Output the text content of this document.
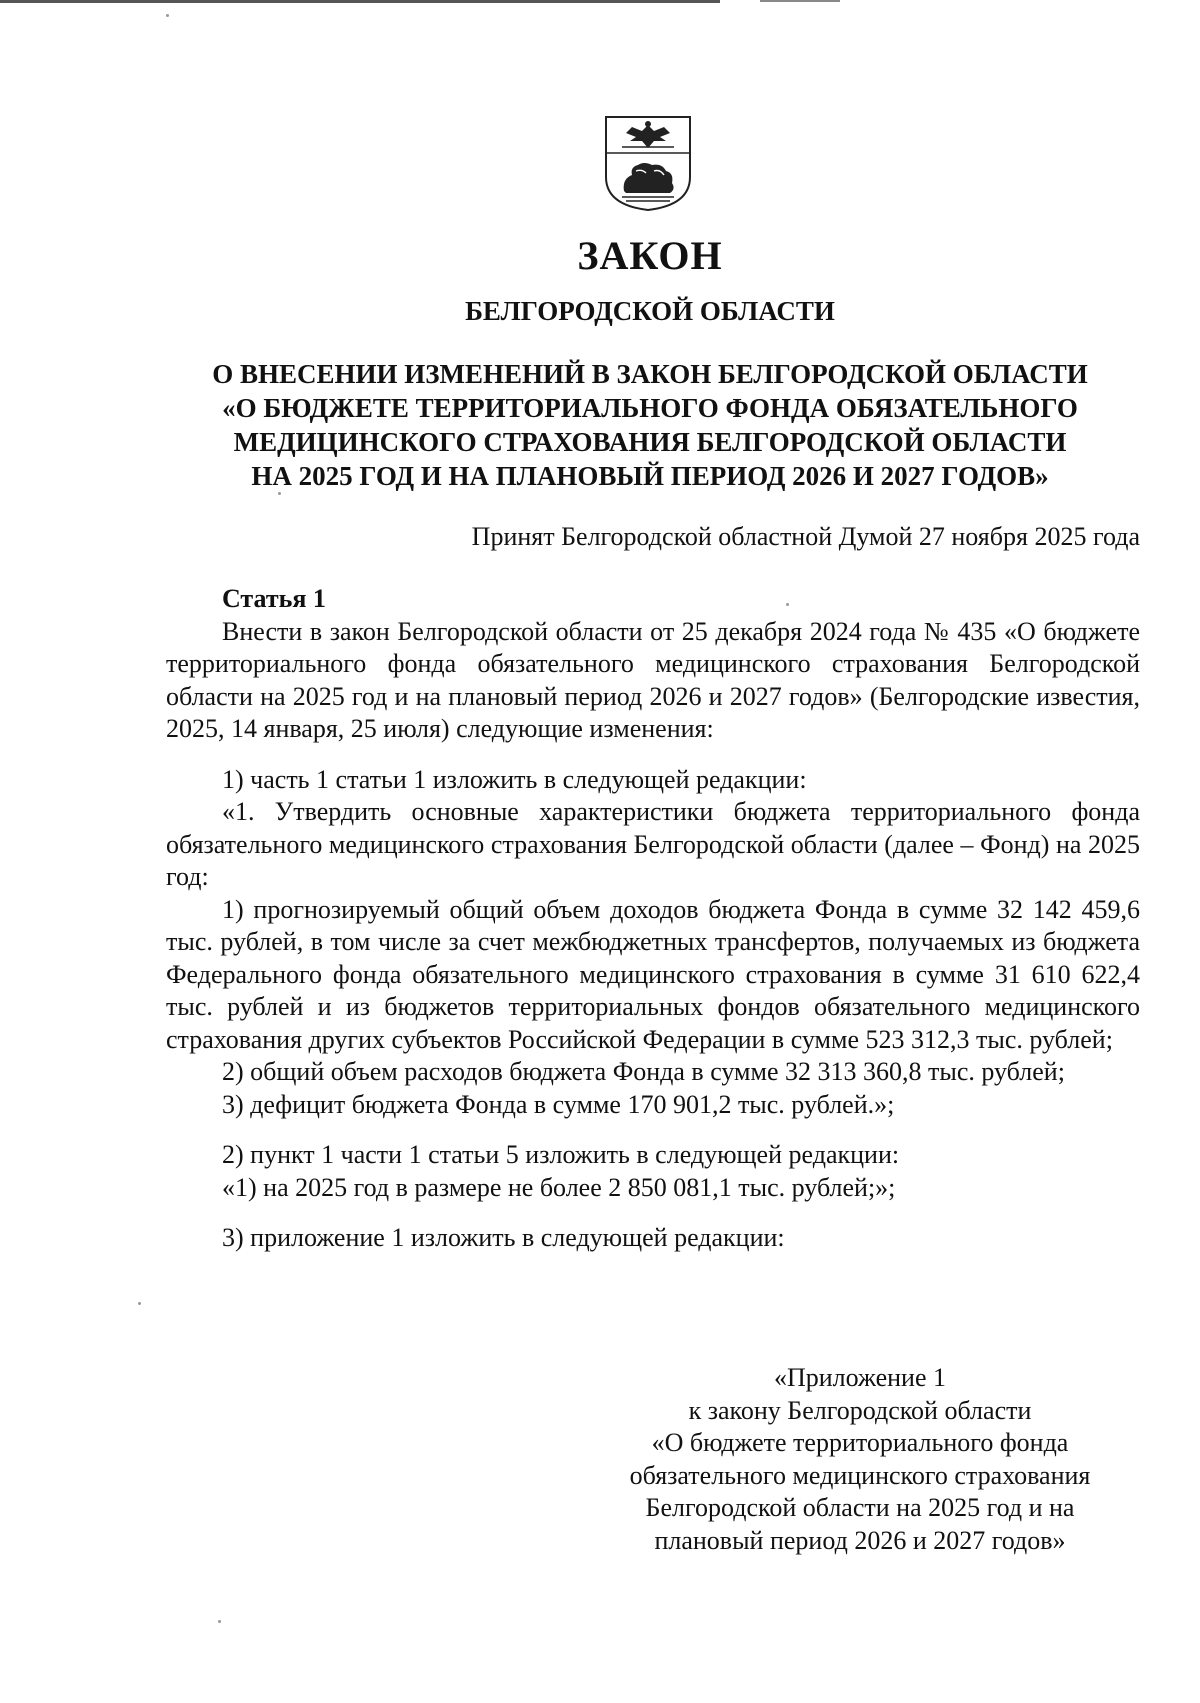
ЗАКОН
БЕЛГОРОДСКОЙ ОБЛАСТИ
О ВНЕСЕНИИ ИЗМЕНЕНИЙ В ЗАКОН БЕЛГОРОДСКОЙ ОБЛАСТИ
«О БЮДЖЕТЕ ТЕРРИТОРИАЛЬНОГО ФОНДА ОБЯЗАТЕЛЬНОГО
МЕДИЦИНСКОГО СТРАХОВАНИЯ БЕЛГОРОДСКОЙ ОБЛАСТИ
НА 2025 ГОД И НА ПЛАНОВЫЙ ПЕРИОД 2026 И 2027 ГОДОВ»
Принят Белгородской областной Думой 27 ноября 2025 года

Статья 1

Внести в закон Белгородской области от 25 декабря 2024 года № 435 «О бюджете территориального фонда обязательного медицинского страхования Белгородской области на 2025 год и на плановый период 2026 и 2027 годов» (Белгородские известия, 2025, 14 января, 25 июля) следующие изменения:

1) часть 1 статьи 1 изложить в следующей редакции:

«1. Утвердить основные характеристики бюджета территориального фонда обязательного медицинского страхования Белгородской области (далее – Фонд) на 2025 год:

1) прогнозируемый общий объем доходов бюджета Фонда в сумме 32 142 459,6 тыс. рублей, в том числе за счет межбюджетных трансфертов, получаемых из бюджета Федерального фонда обязательного медицинского страхования в сумме 31 610 622,4 тыс. рублей и из бюджетов территориальных фондов обязательного медицинского страхования других субъектов Российской Федерации в сумме 523 312,3 тыс. рублей;

2) общий объем расходов бюджета Фонда в сумме 32 313 360,8 тыс. рублей;

3) дефицит бюджета Фонда в сумме 170 901,2 тыс. рублей.»;

2) пункт 1 части 1 статьи 5 изложить в следующей редакции:

«1) на 2025 год в размере не более 2 850 081,1 тыс. рублей;»;

3) приложение 1 изложить в следующей редакции:

«Приложение 1

к закону Белгородской области

«О бюджете территориального фонда

обязательного медицинского страхования

Белгородской области на 2025 год и на

плановый период 2026 и 2027 годов»
